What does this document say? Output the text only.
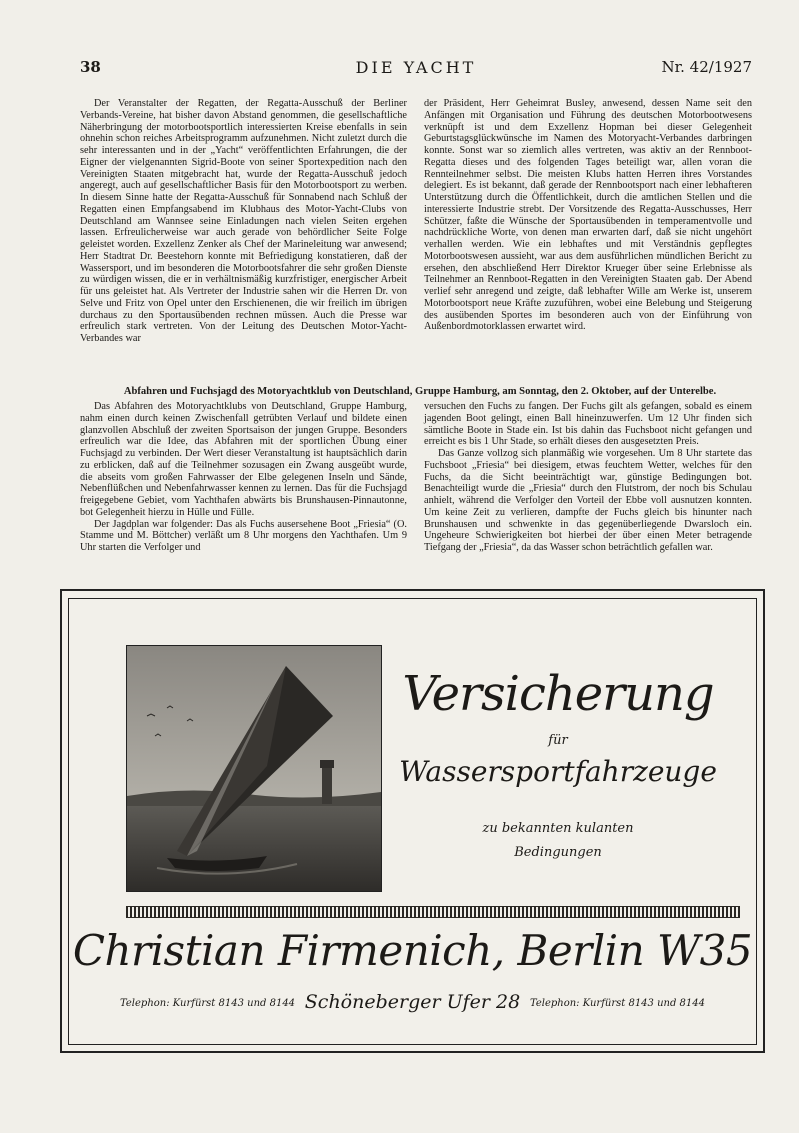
38	DIE YACHT	Nr. 42/1927

Der Veranstalter der Regatten, der Regatta-Ausschuß der Berliner Verbands-Vereine, hat bisher davon Abstand genommen, die gesellschaftliche Näherbringung der motorbootsportlich interessierten Kreise ebenfalls in sein ohnehin schon reiches Arbeitsprogramm aufzunehmen. Nicht zuletzt durch die sehr interessanten und in der „Yacht“ veröffentlichten Erfahrungen, die der Eigner der vielgenannten Sigrid-Boote von seiner Sportexpedition nach den Vereinigten Staaten mitgebracht hat, wurde der Regatta-Ausschuß jedoch angeregt, auch auf gesellschaftlicher Basis für den Motorbootsport zu werben. In diesem Sinne hatte der Regatta-Ausschuß für Sonnabend nach Schluß der Regatten einen Empfangsabend im Klubhaus des Motor-Yacht-Clubs von Deutschland am Wannsee seine Einladungen nach vielen Seiten ergehen lassen. Erfreulicherweise war auch gerade von behördlicher Seite Folge geleistet worden. Exzellenz Zenker als Chef der Marineleitung war anwesend; Herr Stadtrat Dr. Beestehorn konnte mit Befriedigung konstatieren, daß der Wassersport, und im besonderen die Motorbootsfahrer die sehr großen Dienste zu würdigen wissen, die er in verhältnismäßig kurzfristiger, energischer Arbeit für uns geleistet hat. Als Vertreter der Industrie sahen wir die Herren Dr. von Selve und Fritz von Opel unter den Erschienenen, die wir freilich im übrigen durchaus zu den Sportausübenden rechnen müssen. Auch die Presse war erfreulich stark vertreten. Von der Leitung des Deutschen Motor-Yacht-Verbandes war

der Präsident, Herr Geheimrat Busley, anwesend, dessen Name seit den Anfängen mit Organisation und Führung des deutschen Motorbootwesens verknüpft ist und dem Exzellenz Hopman bei dieser Gelegenheit Geburtstagsglückwünsche im Namen des Motoryacht-Verbandes darbringen konnte. Sonst war so ziemlich alles vertreten, was aktiv an der Rennboot-Regatta dieses und des folgenden Tages beteiligt war, allen voran die Rennteilnehmer selbst. Die meisten Klubs hatten Herren ihres Vorstandes delegiert. Es ist bekannt, daß gerade der Rennbootsport nach einer lebhafteren Unterstützung durch die Öffentlichkeit, durch die amtlichen Stellen und die interessierte Industrie strebt. Der Vorsitzende des Regatta-Ausschusses, Herr Schützer, faßte die Wünsche der Sportausübenden in temperamentvolle und nachdrückliche Worte, von denen man erwarten darf, daß sie nicht ungehört verhallen werden. Wie ein lebhaftes und mit Verständnis gepflegtes Motorbootswesen aussieht, war aus dem ausführlichen mündlichen Bericht zu ersehen, den abschließend Herr Direktor Krueger über seine Erlebnisse als Teilnehmer an Rennboot-Regatten in den Vereinigten Staaten gab. Der Abend verlief sehr anregend und zeigte, daß lebhafter Wille am Werke ist, unserem Motorbootsport neue Kräfte zuzuführen, wobei eine Belebung und Steigerung des ausübenden Sportes im besonderen auch von der Einführung von Außenbordmotorklassen erwartet wird.

Abfahren und Fuchsjagd des Motoryachtklub von Deutschland, Gruppe Hamburg, am Sonntag, den 2. Oktober, auf der Unterelbe.

Das Abfahren des Motoryachtklubs von Deutschland, Gruppe Hamburg, nahm einen durch keinen Zwischenfall getrübten Verlauf und bildete einen glanzvollen Abschluß der zweiten Sportsaison der jungen Gruppe. Besonders erfreulich war die Idee, das Abfahren mit der sportlichen Übung einer Fuchsjagd zu verbinden. Der Wert dieser Veranstaltung ist hauptsächlich darin zu erblicken, daß auf die Teilnehmer sozusagen ein Zwang ausgeübt wurde, die abseits vom großen Fahrwasser der Elbe gelegenen Inseln und Sände, Nebenflüßchen und Nebenfahrwasser kennen zu lernen. Das für die Fuchsjagd freigegebene Gebiet, vom Yachthafen abwärts bis Brunshausen-Pinnautonne, bot Gelegenheit hierzu in Hülle und Fülle.

Der Jagdplan war folgender: Das als Fuchs ausersehene Boot „Friesia“ (O. Stamme und M. Böttcher) verläßt um 8 Uhr morgens den Yachthafen. Um 9 Uhr starten die Verfolger und

versuchen den Fuchs zu fangen. Der Fuchs gilt als gefangen, sobald es einem jagenden Boot gelingt, einen Ball hineinzuwerfen. Um 12 Uhr finden sich sämtliche Boote in Stade ein. Ist bis dahin das Fuchsboot nicht gefangen und erreicht es bis 1 Uhr Stade, so erhält dieses den ausgesetzten Preis.

Das Ganze vollzog sich planmäßig wie vorgesehen. Um 8 Uhr startete das Fuchsboot „Friesia“ bei diesigem, etwas feuchtem Wetter, welches für den Fuchs, da die Sicht beeinträchtigt war, günstige Bedingungen bot. Benachteiligt wurde die „Friesia“ durch den Flutstrom, der noch bis Schulau anhielt, während die Verfolger den Vorteil der Ebbe voll ausnutzen konnten. Um keine Zeit zu verlieren, dampfte der Fuchs gleich bis hinunter nach Brunshausen und schwenkte in das gegenüberliegende Dwarsloch ein. Ungeheure Schwierigkeiten bot hierbei der über einen Meter betragende Tiefgang der „Friesia“, da das Wasser schon beträchtlich gefallen war.

Versicherung
für
Wassersportfahrzeuge
zu bekannten kulanten
Bedingungen
Christian Firmenich, Berlin W35
Telephon: Kurfürst 8143 und 8144 Schöneberger Ufer 28 Telephon: Kurfürst 8143 und 8144
